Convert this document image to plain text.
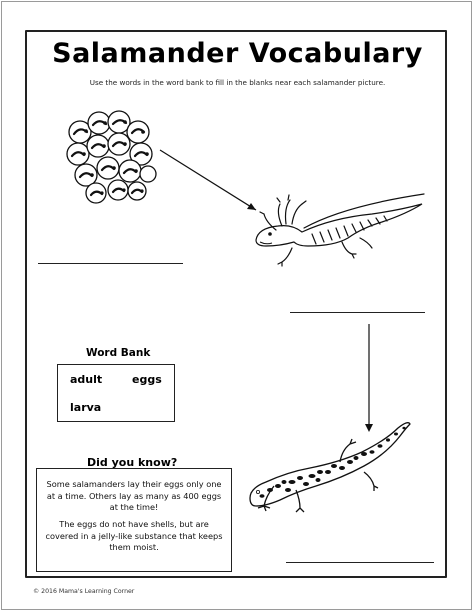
Salamander Vocabulary
Use the words in the word bank to fill in the blanks near each salamander picture.
Word Bank
adult	eggs
larva
Did you know?

Some salamanders lay their eggs only one at a time. Others lay as many as 400 eggs at the time!

The eggs do not have shells, but are covered in a jelly-like substance that keeps them moist.

© 2016 Mama's Learning Corner
